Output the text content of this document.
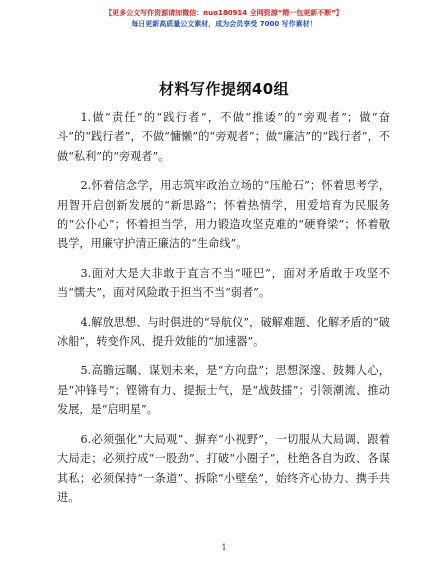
【更多公文写作资源请加微信：nuo180914 全网资源“精一包更新不断”】
每日更新高质量公文素材，成为会员享受 7000 写作素材！
材料写作提纲40组

1.做“责任”的“践行者”，不做“推诿”的“旁观者”；做“奋斗”的“践行者”，不做“慵懒”的“旁观者”；做“廉洁”的“践行者”，不做“私利”的“旁观者”。

2.怀着信念学，用志筑牢政治立场的“压舱石”；怀着思考学，用智开启创新发展的“新思路”；怀着热情学，用爱培育为民服务的“公仆心”；怀着担当学，用力锻造攻坚克难的“硬脊梁”；怀着敬畏学，用廉守护清正廉洁的“生命线”。

3.面对大是大非敢于直言不当“哑巴”，面对矛盾敢于攻坚不当“懦夫”，面对风险敢于担当不当“弱者”。

4.解放思想、与时俱进的“导航仪”，破解难题、化解矛盾的“破冰船”，转变作风、提升效能的“加速器”。

5.高瞻远瞩、谋划未来，是“方向盘”；思想深邃、鼓舞人心，是“冲锋号”；铿锵有力、提振士气，是“战鼓擂”；引领潮流、推动发展，是“启明星”。

6.必须强化“大局观”、摒弃“小视野”，一切服从大局调、跟着大局走；必须拧成“一股劲”、打破“小圈子”，杜绝各自为政、各谋其私；必须保持“一条道”、拆除“小壁垒”，始终齐心协力、携手共进。

1
